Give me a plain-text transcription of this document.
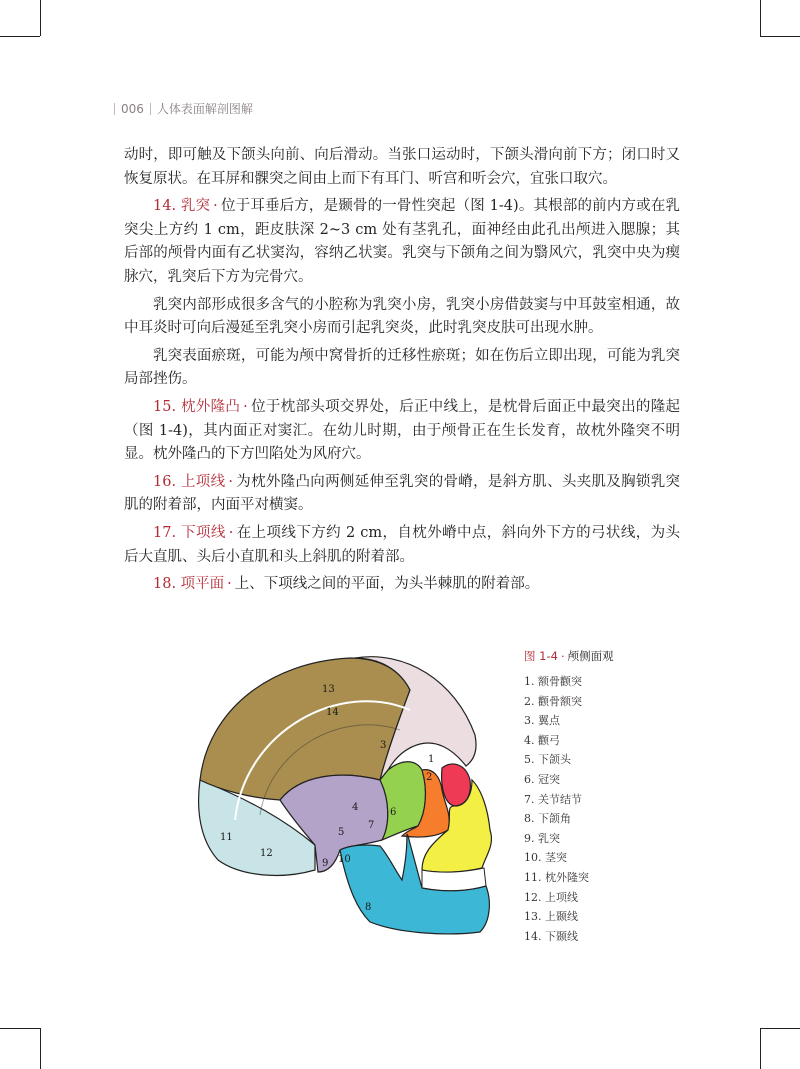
006 人体表面解剖图解

动时，即可触及下颌头向前、向后滑动。当张口运动时，下颌头滑向前下方；闭口时又恢复原状。在耳屏和髁突之间由上而下有耳门、听宫和听会穴，宜张口取穴。

14. 乳突 · 位于耳垂后方，是颞骨的一骨性突起（图 1-4)。其根部的前内方或在乳突尖上方约 1 cm，距皮肤深 2~3 cm 处有茎乳孔，面神经由此孔出颅进入腮腺；其后部的颅骨内面有乙状窦沟，容纳乙状窦。乳突与下颌角之间为翳风穴，乳突中央为瘈脉穴，乳突后下方为完骨穴。

乳突内部形成很多含气的小腔称为乳突小房，乳突小房借鼓窦与中耳鼓室相通，故中耳炎时可向后漫延至乳突小房而引起乳突炎，此时乳突皮肤可出现水肿。

乳突表面瘀斑，可能为颅中窝骨折的迁移性瘀斑；如在伤后立即出现，可能为乳突局部挫伤。

15. 枕外隆凸 · 位于枕部头项交界处，后正中线上，是枕骨后面正中最突出的隆起（图 1-4)，其内面正对窦汇。在幼儿时期，由于颅骨正在生长发育，故枕外隆突不明显。枕外隆凸的下方凹陷处为风府穴。

16. 上项线 · 为枕外隆凸向两侧延伸至乳突的骨嵴，是斜方肌、头夹肌及胸锁乳突肌的附着部，内面平对横窦。

17. 下项线 · 在上项线下方约 2 cm，自枕外嵴中点，斜向外下方的弓状线，为头后大直肌、头后小直肌和头上斜肌的附着部。

18. 项平面 · 上、下项线之间的平面，为头半棘肌的附着部。

1
2
3
4
5
6
7
8
9 10
11
12
13
14
图 1-4 · 颅侧面观
1. 额骨颧突
2. 颧骨额突
3. 翼点
4. 颧弓
5. 下颌头
6. 冠突
7. 关节结节
8. 下颌角
9. 乳突
10. 茎突
11. 枕外隆突
12. 上项线
13. 上颞线
14. 下颞线
